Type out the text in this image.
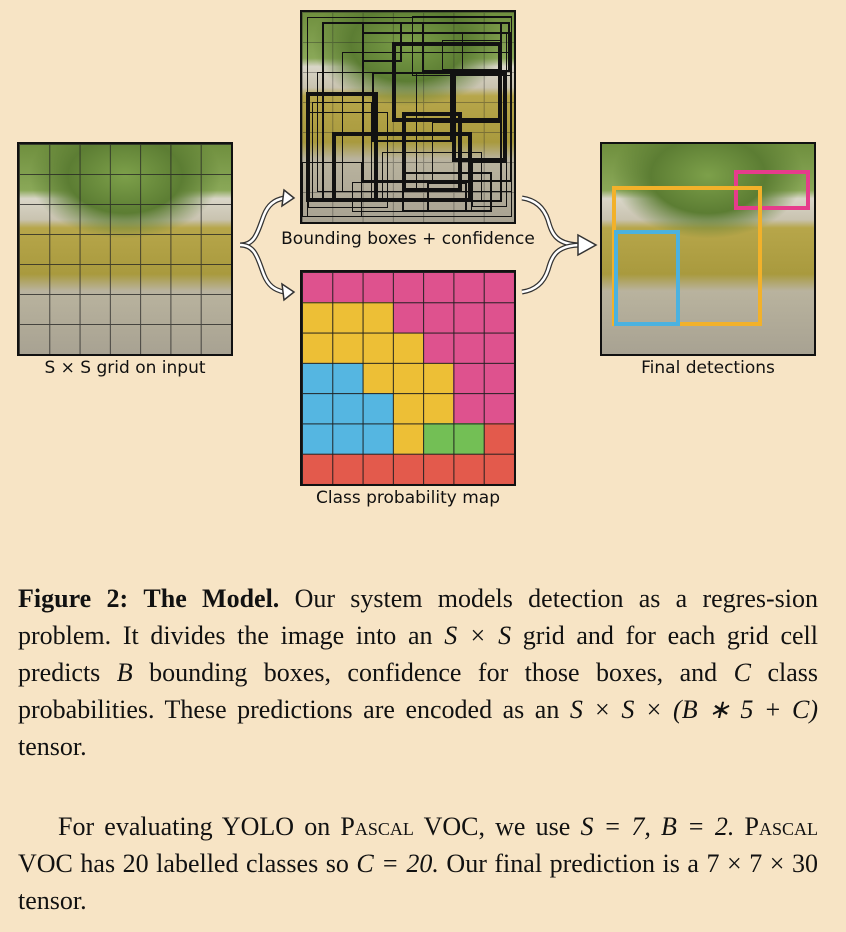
S × S grid on input
Bounding boxes + confidence
Class probability map
Final detections
Figure 2: The Model. Our system models detection as a regres-sion problem. It divides the image into an S × S grid and for each grid cell predicts B bounding boxes, confidence for those boxes, and C class probabilities. These predictions are encoded as an S × S × (B ∗ 5 + C) tensor.
For evaluating YOLO on Pascal VOC, we use S = 7, B = 2. Pascal VOC has 20 labelled classes so C = 20. Our final prediction is a 7 × 7 × 30 tensor.
